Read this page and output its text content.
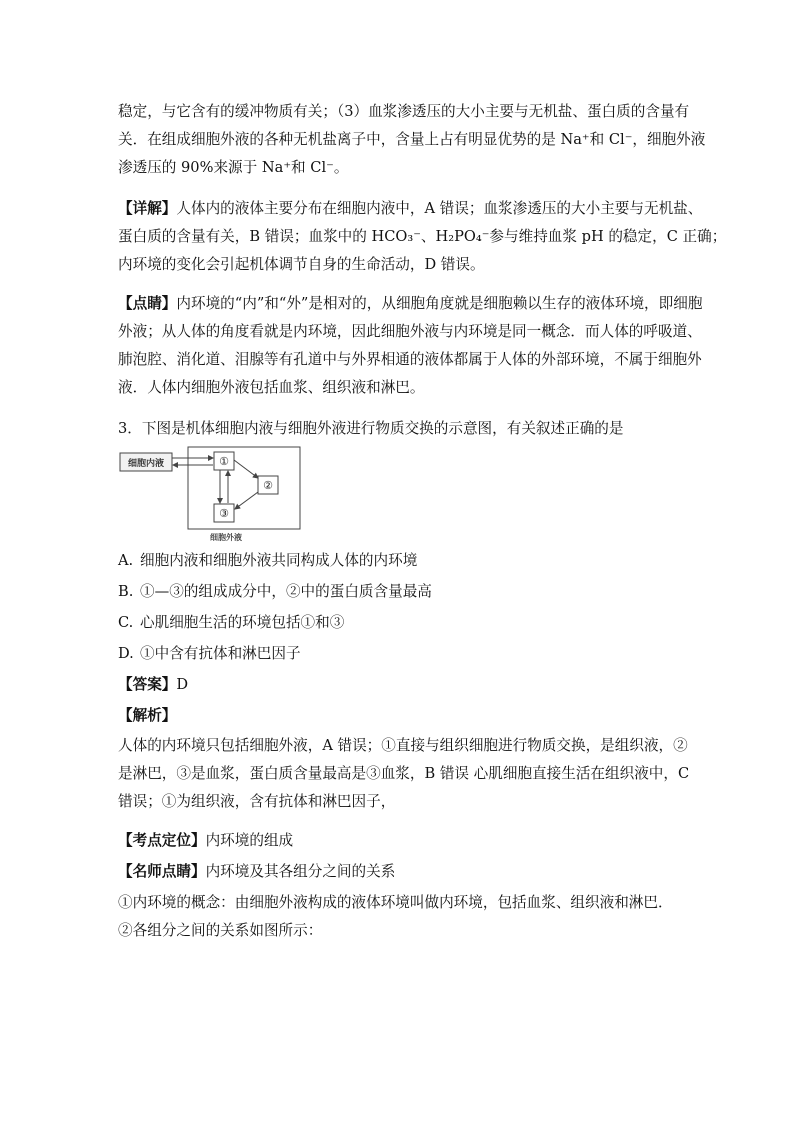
稳定，与它含有的缓冲物质有关；（3）血浆渗透压的大小主要与无机盐、蛋白质的含量有
关．在组成细胞外液的各种无机盐离子中，含量上占有明显优势的是 Na⁺和 Cl⁻，细胞外液
渗透压的 90%来源于 Na⁺和 Cl⁻。
【详解】人体内的液体主要分布在细胞内液中，A 错误；血浆渗透压的大小主要与无机盐、
蛋白质的含量有关，B 错误；血浆中的 HCO₃⁻、H₂PO₄⁻参与维持血浆 pH 的稳定，C 正确；
内环境的变化会引起机体调节自身的生命活动，D 错误。
【点睛】内环境的“内”和“外”是相对的，从细胞角度就是细胞赖以生存的液体环境，即细胞
外液；从人体的角度看就是内环境，因此细胞外液与内环境是同一概念．而人体的呼吸道、
肺泡腔、消化道、泪腺等有孔道中与外界相通的液体都属于人体的外部环境，不属于细胞外
液．人体内细胞外液包括血浆、组织液和淋巴。
3．下图是机体细胞内液与细胞外液进行物质交换的示意图，有关叙述正确的是
细胞内液	①
②
③
细胞外液
A. 细胞内液和细胞外液共同构成人体的内环境
B. ①—③的组成成分中，②中的蛋白质含量最高
C. 心肌细胞生活的环境包括①和③
D. ①中含有抗体和淋巴因子
【答案】D
【解析】
人体的内环境只包括细胞外液，A 错误；①直接与组织细胞进行物质交换，是组织液，②
是淋巴，③是血浆，蛋白质含量最高是③血浆，B 错误 心肌细胞直接生活在组织液中，C
错误；①为组织液，含有抗体和淋巴因子，
【考点定位】内环境的组成
【名师点睛】内环境及其各组分之间的关系
①内环境的概念：由细胞外液构成的液体环境叫做内环境，包括血浆、组织液和淋巴．
②各组分之间的关系如图所示：
